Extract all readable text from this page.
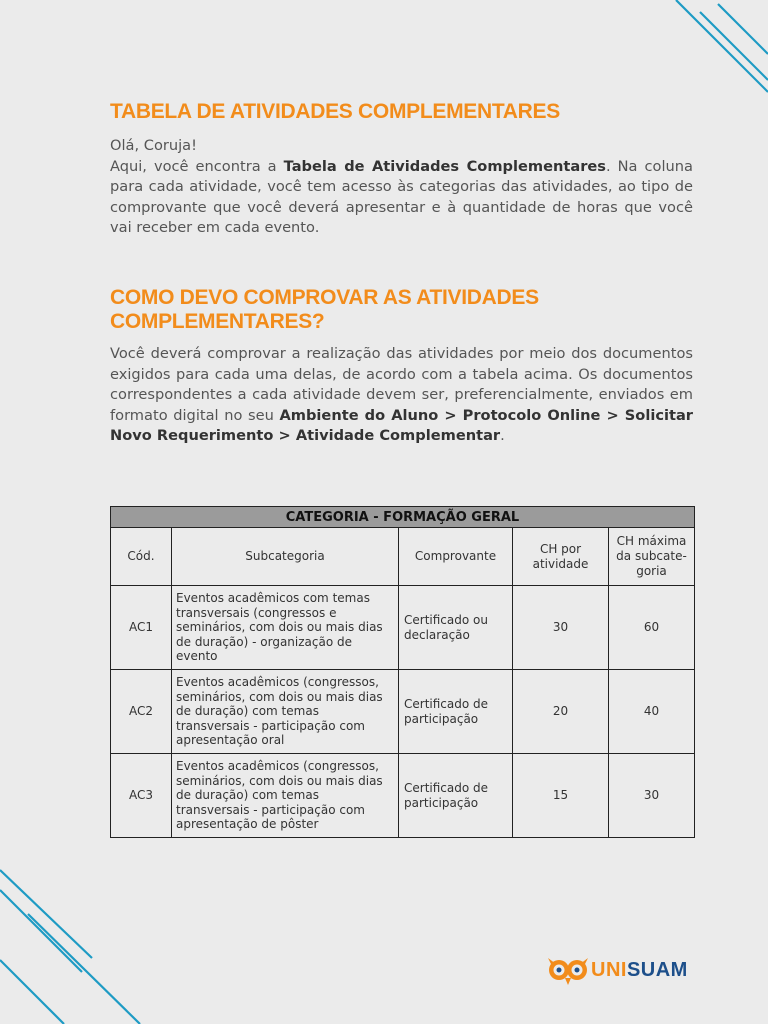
TABELA DE ATIVIDADES COMPLEMENTARES

Olá, Coruja!
Aqui, você encontra a Tabela de Atividades Complementares. Na coluna para cada atividade, você tem acesso às categorias das atividades, ao tipo de comprovante que você deverá apresentar e à quantidade de horas que você vai receber em cada evento.

COMO DEVO COMPROVAR AS ATIVIDADES COMPLEMENTARES?

Você deverá comprovar a realização das atividades por meio dos documentos exigidos para cada uma delas, de acordo com a tabela acima. Os documentos correspondentes a cada atividade devem ser, preferencialmente, enviados em formato digital no seu Ambiente do Aluno > Protocolo Online > Solicitar Novo Requerimento > Atividade Complementar.

CATEGORIA - FORMAÇÃO GERAL				
Cód.	Subcategoria	Comprovante	CH por atividade	CH máxima da subcate-goria
AC1	Eventos acadêmicos com temas transversais (congressos e seminários, com dois ou mais dias de duração) - organização de evento	Certificado ou declaração	30	60
AC2	Eventos acadêmicos (congressos, seminários, com dois ou mais dias de duração) com temas transversais - participação com apresentação oral	Certificado de participação	20	40
AC3	Eventos acadêmicos (congressos, seminários, com dois ou mais dias de duração) com temas transversais - participação com apresentação de pôster	Certificado de participação	15	30
UNISUAM
